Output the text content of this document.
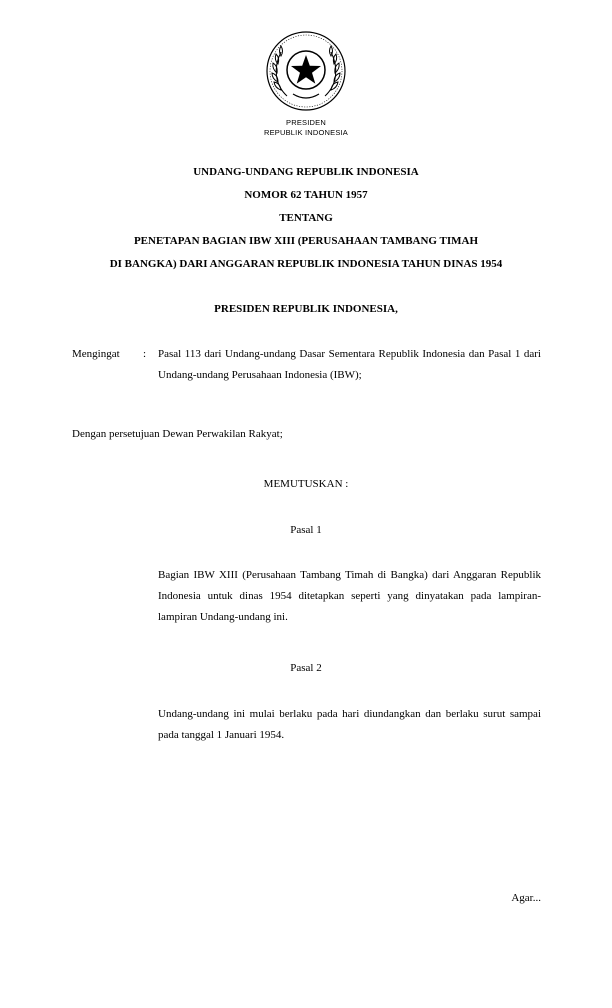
PRESIDEN
REPUBLIK INDONESIA
UNDANG-UNDANG REPUBLIK INDONESIA
NOMOR 62 TAHUN 1957
TENTANG
PENETAPAN BAGIAN IBW XIII (PERUSAHAAN TAMBANG TIMAH
DI BANGKA) DARI ANGGARAN REPUBLIK INDONESIA TAHUN DINAS 1954
PRESIDEN REPUBLIK INDONESIA,
Mengingat : Pasal 113 dari Undang-undang Dasar Sementara Republik Indonesia dan Pasal 1 dari Undang-undang Perusahaan Indonesia (IBW);
Dengan persetujuan Dewan Perwakilan Rakyat;
MEMUTUSKAN :
Pasal 1
Bagian IBW XIII (Perusahaan Tambang Timah di Bangka) dari Anggaran Republik Indonesia untuk dinas 1954 ditetapkan seperti yang dinyatakan pada lampiran-lampiran Undang-undang ini.
Pasal 2
Undang-undang ini mulai berlaku pada hari diundangkan dan berlaku surut sampai pada tanggal 1 Januari 1954.
Agar...
